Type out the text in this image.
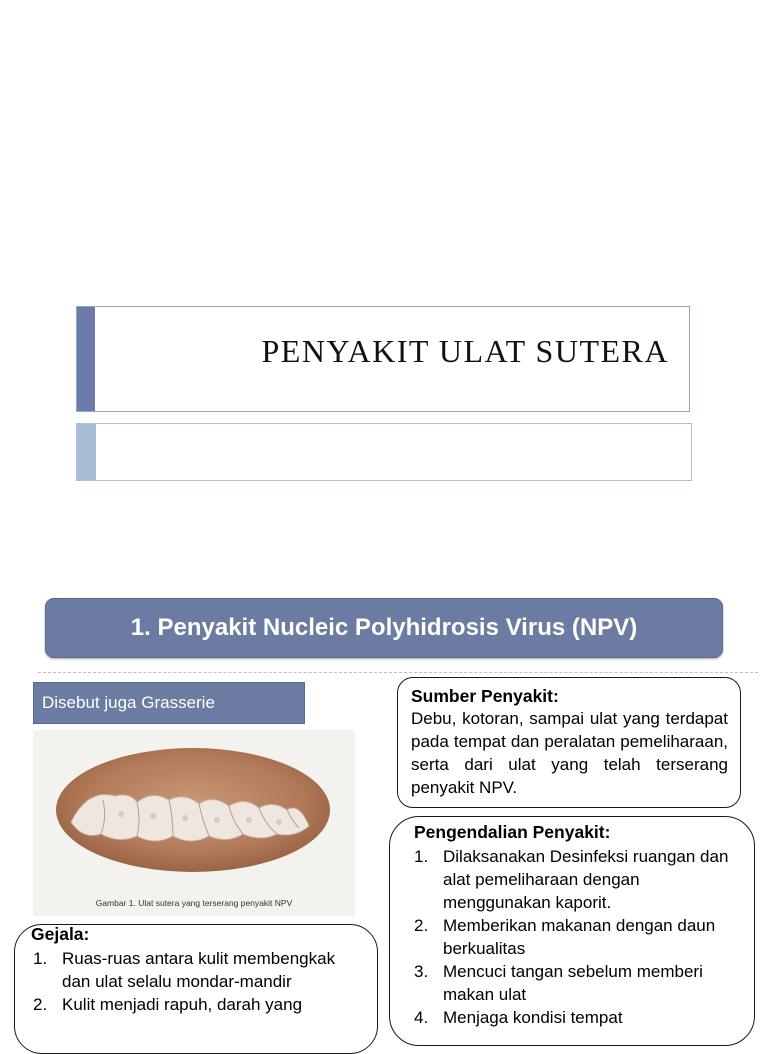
PENYAKIT ULAT SUTERA
1. Penyakit Nucleic Polyhidrosis Virus (NPV)
Disebut juga Grasserie
Gambar 1. Ulat sutera yang terserang penyakit NPV
Sumber Penyakit:
Debu, kotoran, sampai ulat yang terdapat pada tempat dan peralatan pemeliharaan, serta dari ulat yang telah terserang penyakit NPV.
Pengendalian Penyakit:
1. Dilaksanakan Desinfeksi ruangan dan alat pemeliharaan dengan menggunakan kaporit.
2. Memberikan makanan dengan daun berkualitas
3. Mencuci tangan sebelum memberi makan ulat
4. Menjaga kondisi tempat
Gejala:
1. Ruas-ruas antara kulit membengkak dan ulat selalu mondar-mandir
2. Kulit menjadi rapuh, darah yang
